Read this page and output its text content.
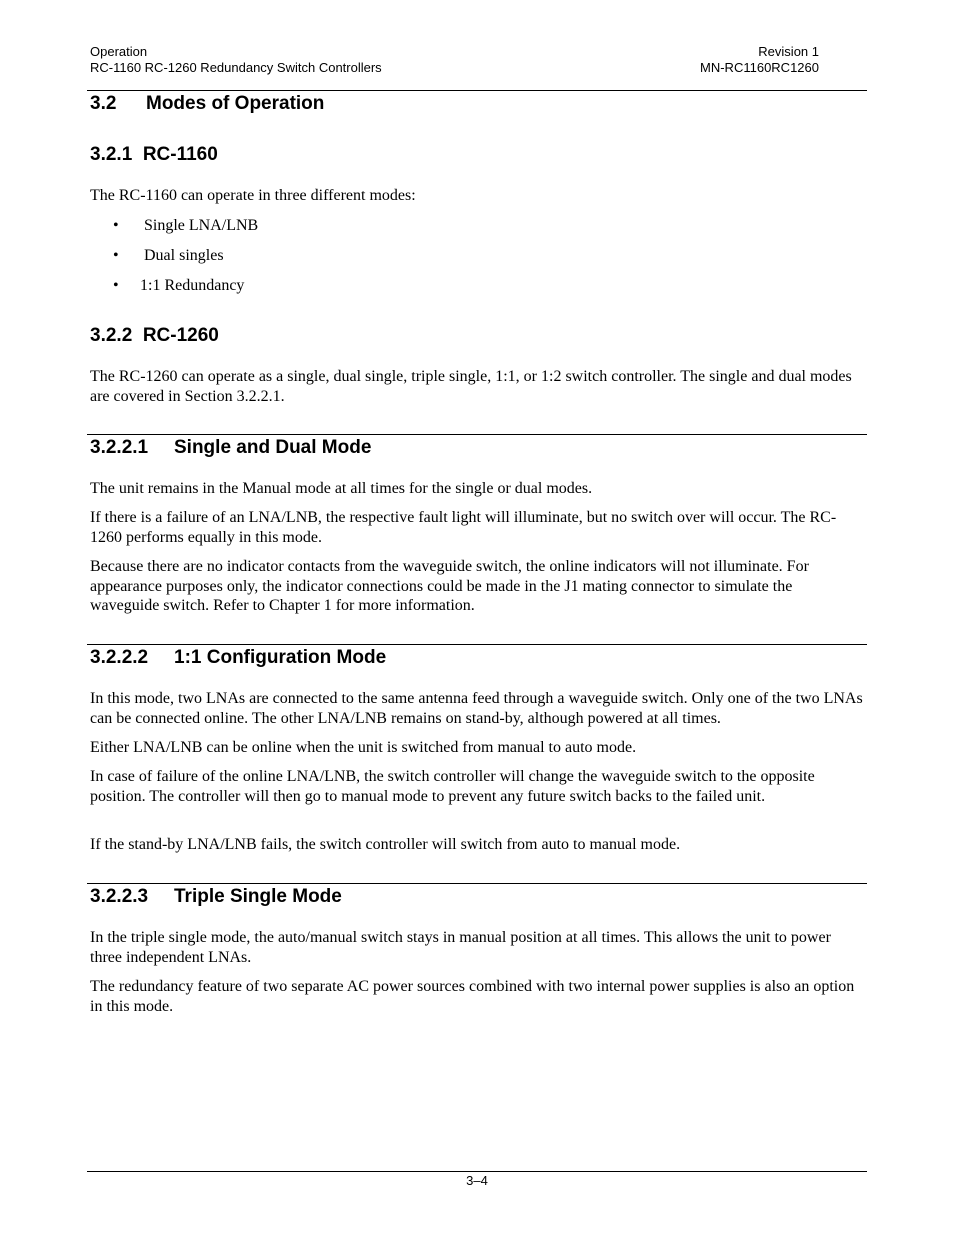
Operation
RC-1160 RC-1260 Redundancy Switch Controllers
Revision 1
MN-RC1160RC1260
3.2 Modes of Operation
3.2.1 RC-1160
The RC-1160 can operate in three different modes:
• Single LNA/LNB
• Dual singles
• 1:1 Redundancy
3.2.2 RC-1260
The RC-1260 can operate as a single, dual single, triple single, 1:1, or 1:2 switch controller. The single and dual modes are covered in Section 3.2.2.1.
3.2.2.1 Single and Dual Mode
The unit remains in the Manual mode at all times for the single or dual modes.
If there is a failure of an LNA/LNB, the respective fault light will illuminate, but no switch over will occur. The RC-1260 performs equally in this mode.
Because there are no indicator contacts from the waveguide switch, the online indicators will not illuminate. For appearance purposes only, the indicator connections could be made in the J1 mating connector to simulate the waveguide switch. Refer to Chapter 1 for more information.
3.2.2.2 1:1 Configuration Mode
In this mode, two LNAs are connected to the same antenna feed through a waveguide switch. Only one of the two LNAs can be connected online. The other LNA/LNB remains on stand-by, although powered at all times.
Either LNA/LNB can be online when the unit is switched from manual to auto mode.
In case of failure of the online LNA/LNB, the switch controller will change the waveguide switch to the opposite position. The controller will then go to manual mode to prevent any future switch backs to the failed unit.
If the stand-by LNA/LNB fails, the switch controller will switch from auto to manual mode.
3.2.2.3 Triple Single Mode
In the triple single mode, the auto/manual switch stays in manual position at all times. This allows the unit to power three independent LNAs.
The redundancy feature of two separate AC power sources combined with two internal power supplies is also an option in this mode.
3–4
